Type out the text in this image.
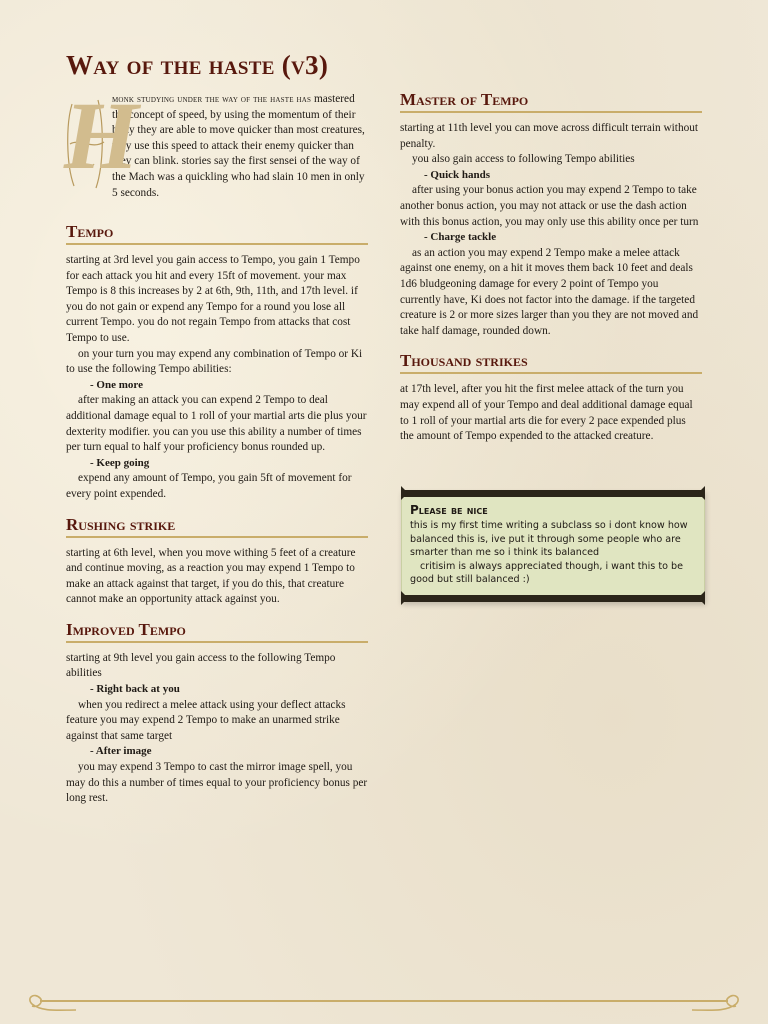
Way of the haste (v3)
H

monk studying under the way of the haste has mastered the concept of speed, by using the momentum of their body they are able to move quicker than most creatures, they use this speed to attack their enemy quicker than they can blink. stories say the first sensei of the way of the Mach was a quickling who had slain 10 men in only 5 seconds.

Tempo

starting at 3rd level you gain access to Tempo, you gain 1 Tempo for each attack you hit and every 15ft of movement. your max Tempo is 8 this increases by 2 at 6th, 9th, 11th, and 17th level. if you do not gain or expend any Tempo for a round you lose all current Tempo. you do not regain Tempo from attacks that cost Tempo to use.

on your turn you may expend any combination of Tempo or Ki to use the following Tempo abilities:

- One more

after making an attack you can expend 2 Tempo to deal additional damage equal to 1 roll of your martial arts die plus your dexterity modifier. you can you use this ability a number of times per turn equal to half your proficiency bonus rounded up.

- Keep going

expend any amount of Tempo, you gain 5ft of movement for every point expended.

Rushing strike

starting at 6th level, when you move withing 5 feet of a creature and continue moving, as a reaction you may expend 1 Tempo to make an attack against that target, if you do this, that creature cannot make an opportunity attack against you.

Improved Tempo

starting at 9th level you gain access to the following Tempo abilities

- Right back at you

when you redirect a melee attack using your deflect attacks feature you may expend 2 Tempo to make an unarmed strike against that same target

- After image

you may expend 3 Tempo to cast the mirror image spell, you may do this a number of times equal to your proficiency bonus per long rest.

Master of Tempo

starting at 11th level you can move across difficult terrain without penalty.

you also gain access to following Tempo abilities

- Quick hands

after using your bonus action you may expend 2 Tempo to take another bonus action, you may not attack or use the dash action with this bonus action, you may only use this ability once per turn

- Charge tackle

as an action you may expend 2 Tempo make a melee attack against one enemy, on a hit it moves them back 10 feet and deals 1d6 bludgeoning damage for every 2 point of Tempo you currently have, Ki does not factor into the damage. if the targeted creature is 2 or more sizes larger than you they are not moved and take half damage, rounded down.

Thousand strikes

at 17th level, after you hit the first melee attack of the turn you may expend all of your Tempo and deal additional damage equal to 1 roll of your martial arts die for every 2 pace expended plus the amount of Tempo expended to the attacked creature.

Please be nice

this is my first time writing a subclass so i dont know how balanced this is, ive put it through some people who are smarter than me so i think its balanced

critisim is always appreciated though, i want this to be good but still balanced :)
